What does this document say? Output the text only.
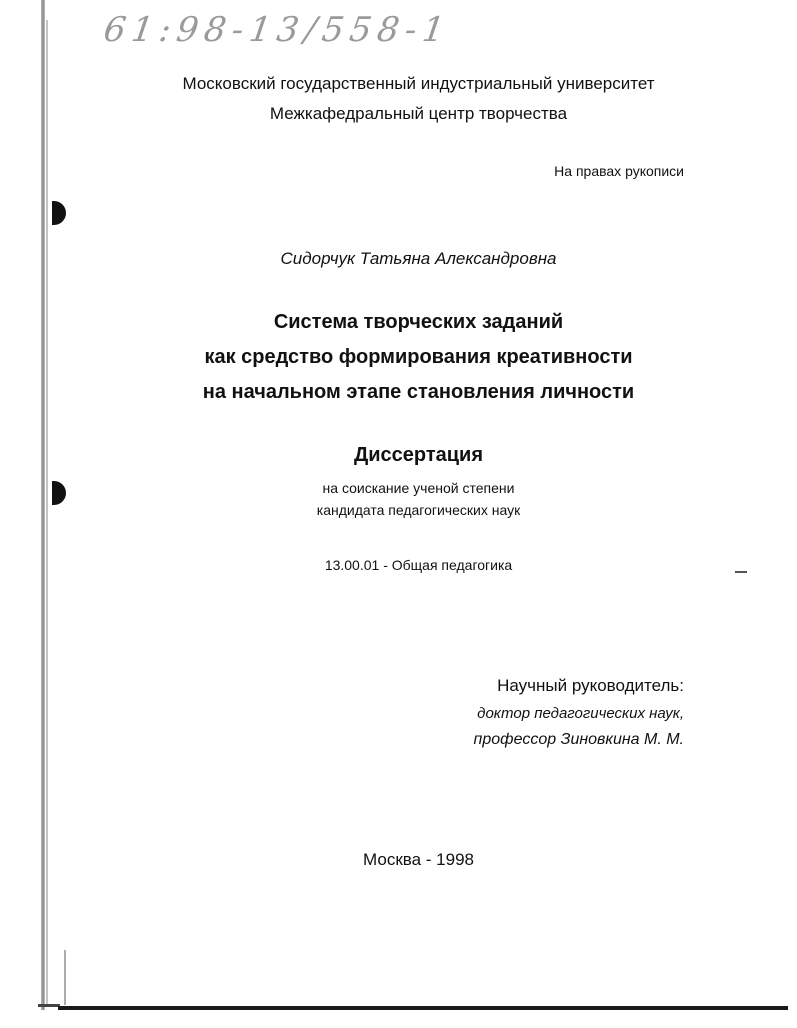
61:98-13/558-1
Московский государственный индустриальный университет
Межкафедральный центр творчества
На правах рукописи
Сидорчук Татьяна Александровна
Система творческих заданий
как средство формирования креативности
на начальном этапе становления личности
Диссертация
на соискание ученой степени
кандидата педагогических наук
13.00.01 - Общая педагогика
Научный руководитель:
доктор педагогических наук,
профессор Зиновкина М. М.
Москва - 1998
